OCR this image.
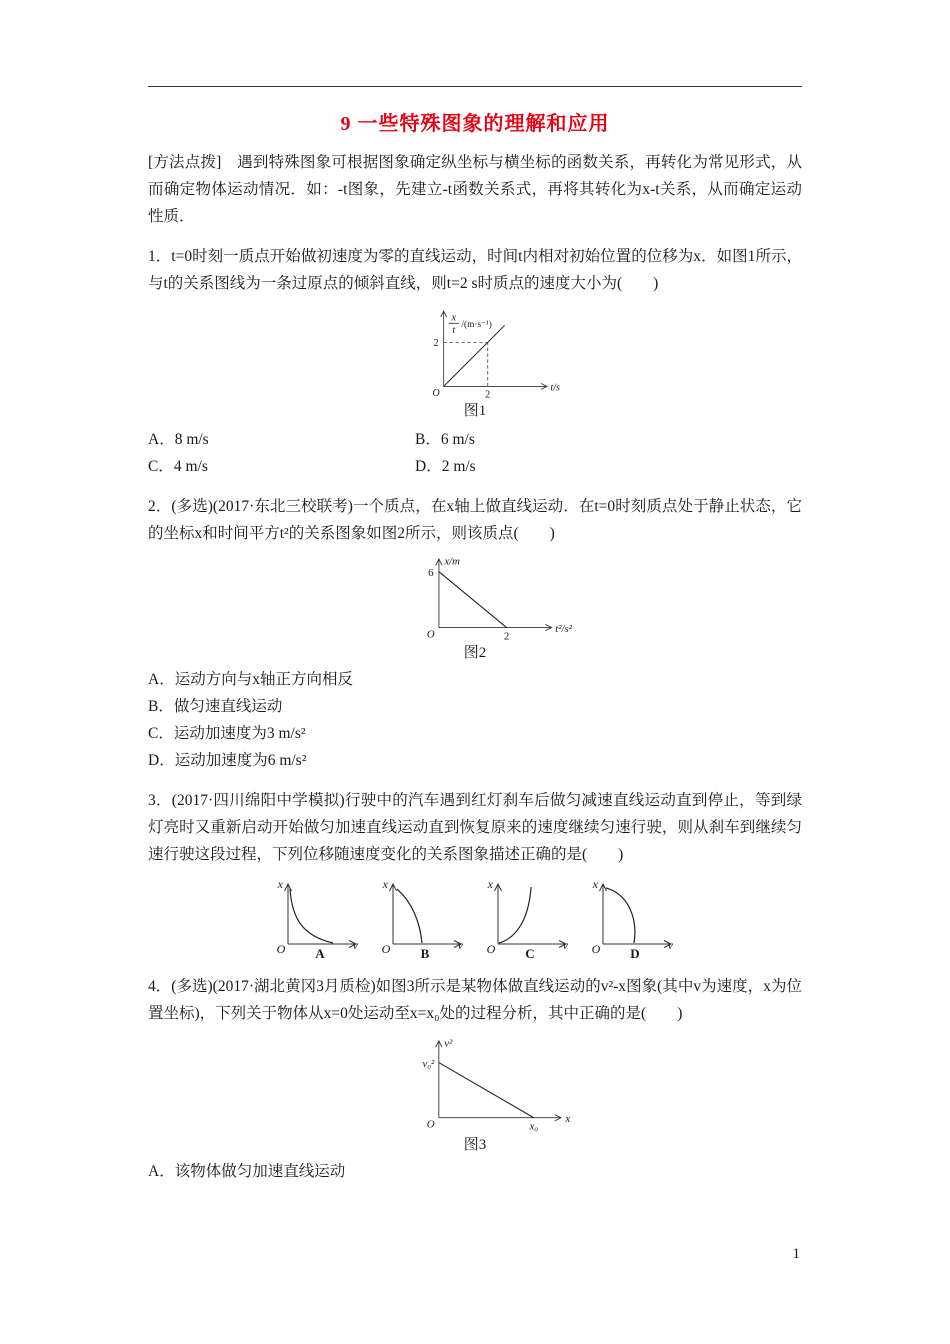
9 一些特殊图象的理解和应用

[方法点拨]　遇到特殊图象可根据图象确定纵坐标与横坐标的函数关系，再转化为常见形式，从而确定物体运动情况．如：-t图象，先建立-t函数关系式，再将其转化为x-t关系，从而确定运动性质．

1．t=0时刻一质点开始做初速度为零的直线运动，时间t内相对初始位置的位移为x．如图1所示，与t的关系图线为一条过原点的倾斜直线，则t=2 s时质点的速度大小为(　　)

x
t /(m·s⁻¹)
2
2
O	t/s
图1
A．8 m/s	B．6 m/s
C．4 m/s	D．2 m/s

2．(多选)(2017·东北三校联考)一个质点，在x轴上做直线运动．在t=0时刻质点处于静止状态，它的坐标x和时间平方t²的关系图象如图2所示，则该质点(　　)

x/m
6
2
O	t²/s²
图2
A．运动方向与x轴正方向相反
B．做匀速直线运动
C．运动加速度为3 m/s²
D．运动加速度为6 m/s²

3．(2017·四川绵阳中学模拟)行驶中的汽车遇到红灯刹车后做匀减速直线运动直到停止，等到绿灯亮时又重新启动开始做匀加速直线运动直到恢复原来的速度继续匀速行驶，则从刹车到继续匀速行驶这段过程，下列位移随速度变化的关系图象描述正确的是(　　)

x
v
O A
x
v
O B
x
v
O C
x
v
O D

4．(多选)(2017·湖北黄冈3月质检)如图3所示是某物体做直线运动的v²-x图象(其中v为速度，x为位置坐标)，下列关于物体从x=0处运动至x=x₀处的过程分析，其中正确的是(　　)

v²
v₀²
x₀
O	x
图3
A．该物体做匀加速直线运动
1
